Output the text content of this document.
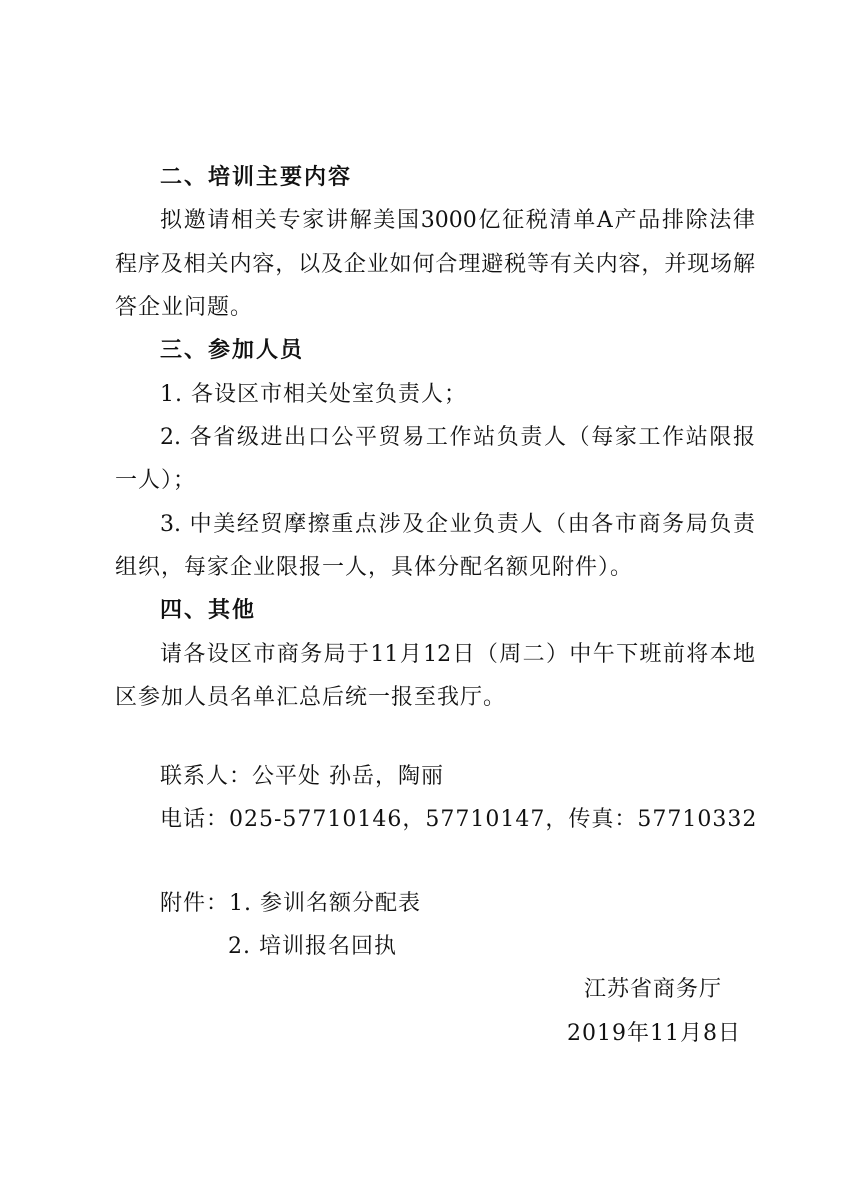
二、培训主要内容
拟邀请相关专家讲解美国3000亿征税清单A产品排除法律
程序及相关内容，以及企业如何合理避税等有关内容，并现场解
答企业问题。
三、参加人员
1. 各设区市相关处室负责人；
2. 各省级进出口公平贸易工作站负责人（每家工作站限报
一人）；
3. 中美经贸摩擦重点涉及企业负责人（由各市商务局负责
组织，每家企业限报一人，具体分配名额见附件）。
四、其他
请各设区市商务局于11月12日（周二）中午下班前将本地
区参加人员名单汇总后统一报至我厅。
联系人：公平处 孙岳，陶丽
电话：025-57710146，57710147，传真：57710332
附件：1. 参训名额分配表
2. 培训报名回执
江苏省商务厅
2019年11月8日
